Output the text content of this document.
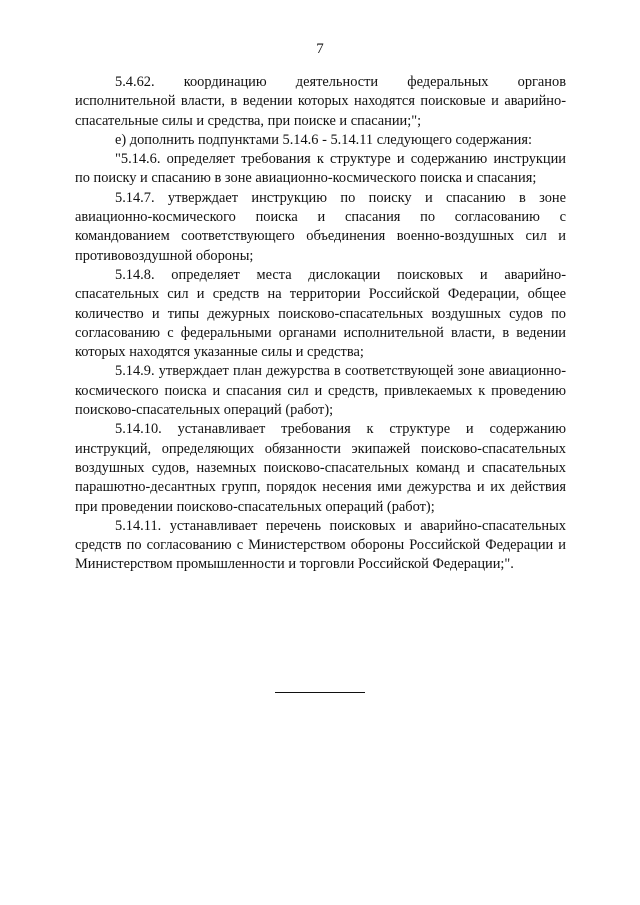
7

5.4.62. координацию деятельности федеральных органов исполнительной власти, в ведении которых находятся поисковые и аварийно-спасательные силы и средства, при поиске и спасании;";

е) дополнить подпунктами 5.14.6 - 5.14.11 следующего содержания:

"5.14.6. определяет требования к структуре и содержанию инструкции по поиску и спасанию в зоне авиационно-космического поиска и спасания;

5.14.7. утверждает инструкцию по поиску и спасанию в зоне авиационно-космического поиска и спасания по согласованию с командованием соответствующего объединения военно-воздушных сил и противовоздушной обороны;

5.14.8. определяет места дислокации поисковых и аварийно-спасательных сил и средств на территории Российской Федерации, общее количество и типы дежурных поисково-спасательных воздушных судов по согласованию с федеральными органами исполнительной власти, в ведении которых находятся указанные силы и средства;

5.14.9. утверждает план дежурства в соответствующей зоне авиационно-космического поиска и спасания сил и средств, привлекаемых к проведению поисково-спасательных операций (работ);

5.14.10. устанавливает требования к структуре и содержанию инструкций, определяющих обязанности экипажей поисково-спасательных воздушных судов, наземных поисково-спасательных команд и спасательных парашютно-десантных групп, порядок несения ими дежурства и их действия при проведении поисково-спасательных операций (работ);

5.14.11. устанавливает перечень поисковых и аварийно-спасательных средств по согласованию с Министерством обороны Российской Федерации и Министерством промышленности и торговли Российской Федерации;".
